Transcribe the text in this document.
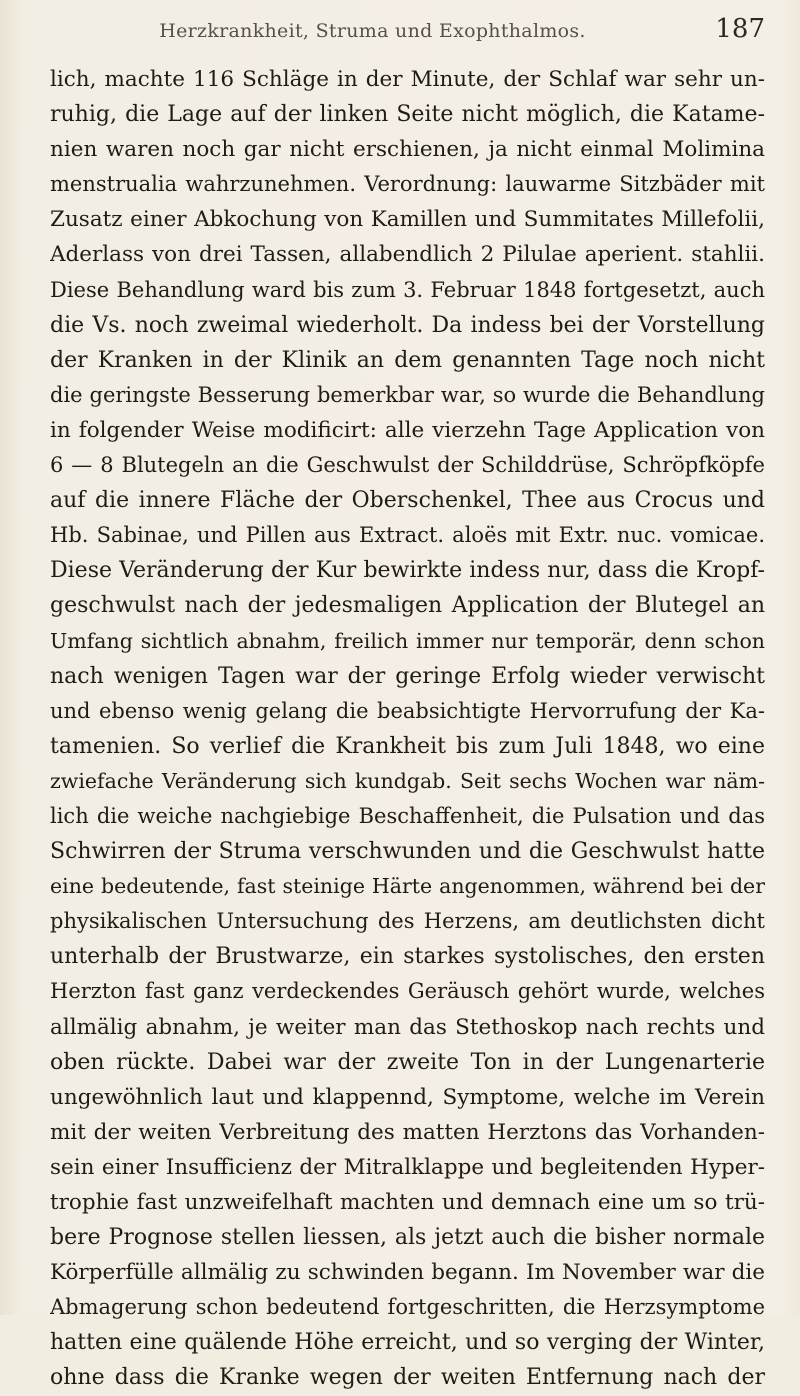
Herzkrankheit, Struma und Exophthalmos.	187
lich, machte 116 Schläge in der Minute, der Schlaf war sehr un-
ruhig, die Lage auf der linken Seite nicht möglich, die Katame-
nien waren noch gar nicht erschienen, ja nicht einmal Molimina
menstrualia wahrzunehmen. Verordnung: lauwarme Sitzbäder mit
Zusatz einer Abkochung von Kamillen und Summitates Millefolii,
Aderlass von drei Tassen, allabendlich 2 Pilulae aperient. stahlii.
Diese Behandlung ward bis zum 3. Februar 1848 fortgesetzt, auch
die Vs. noch zweimal wiederholt. Da indess bei der Vorstellung
der Kranken in der Klinik an dem genannten Tage noch nicht
die geringste Besserung bemerkbar war, so wurde die Behandlung
in folgender Weise modificirt: alle vierzehn Tage Application von
6 — 8 Blutegeln an die Geschwulst der Schilddrüse, Schröpfköpfe
auf die innere Fläche der Oberschenkel, Thee aus Crocus und
Hb. Sabinae, und Pillen aus Extract. aloës mit Extr. nuc. vomicae.
Diese Veränderung der Kur bewirkte indess nur, dass die Kropf-
geschwulst nach der jedesmaligen Application der Blutegel an
Umfang sichtlich abnahm, freilich immer nur temporär, denn schon
nach wenigen Tagen war der geringe Erfolg wieder verwischt
und ebenso wenig gelang die beabsichtigte Hervorrufung der Ka-
tamenien. So verlief die Krankheit bis zum Juli 1848, wo eine
zwiefache Veränderung sich kundgab. Seit sechs Wochen war näm-
lich die weiche nachgiebige Beschaffenheit, die Pulsation und das
Schwirren der Struma verschwunden und die Geschwulst hatte
eine bedeutende, fast steinige Härte angenommen, während bei der
physikalischen Untersuchung des Herzens, am deutlichsten dicht
unterhalb der Brustwarze, ein starkes systolisches, den ersten
Herzton fast ganz verdeckendes Geräusch gehört wurde, welches
allmälig abnahm, je weiter man das Stethoskop nach rechts und
oben rückte. Dabei war der zweite Ton in der Lungenarterie
ungewöhnlich laut und klappennd, Symptome, welche im Verein
mit der weiten Verbreitung des matten Herztons das Vorhanden-
sein einer Insufficienz der Mitralklappe und begleitenden Hyper-
trophie fast unzweifelhaft machten und demnach eine um so trü-
bere Prognose stellen liessen, als jetzt auch die bisher normale
Körperfülle allmälig zu schwinden begann. Im November war die
Abmagerung schon bedeutend fortgeschritten, die Herzsymptome
hatten eine quälende Höhe erreicht, und so verging der Winter,
ohne dass die Kranke wegen der weiten Entfernung nach der
